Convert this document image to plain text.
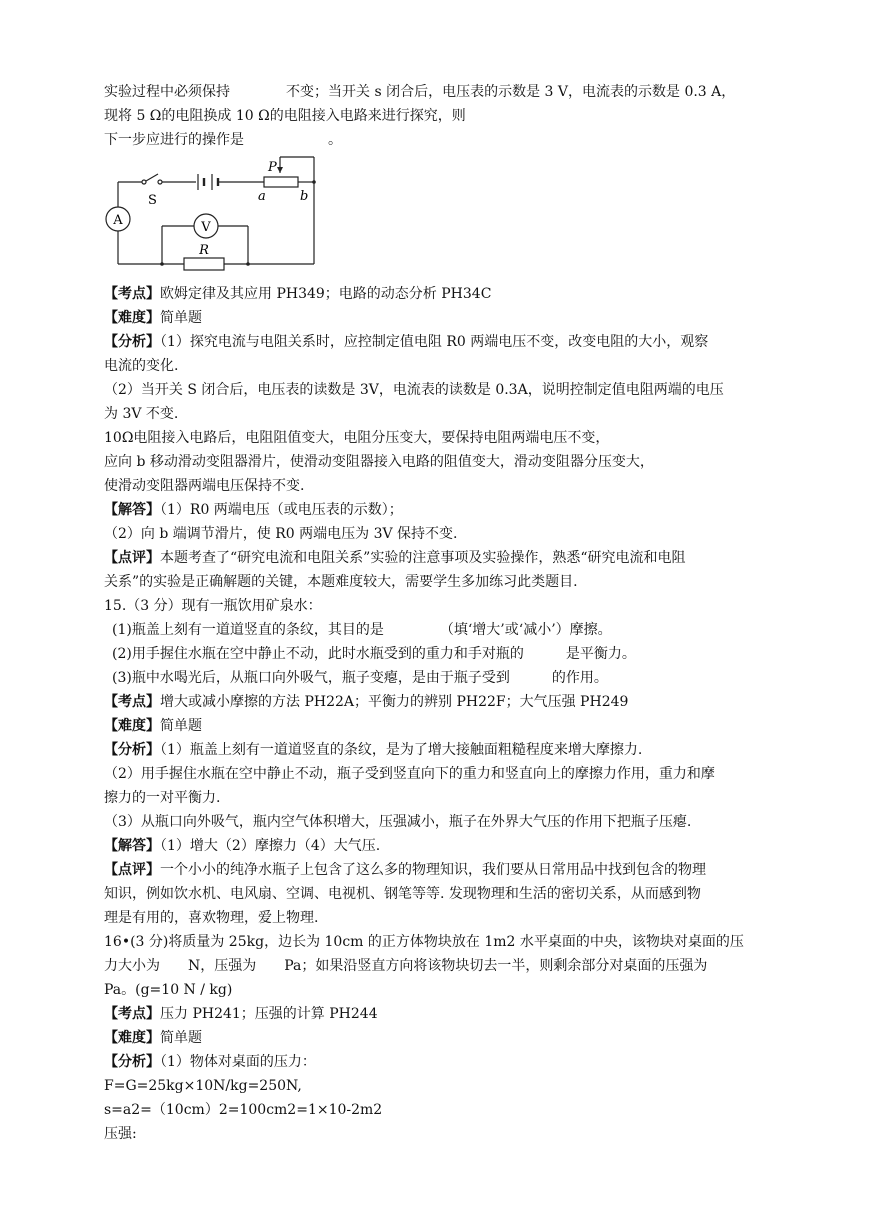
实验过程中必须保持	不变；当开关 s 闭合后，电压表的示数是 3 V，电流表的示数是 0.3 A，
现将 5 Ω的电阻换成 10 Ω的电阻接入电路来进行探究，则
下一步应进行的操作是	。
S
P
a	b
A	V
R
【考点】欧姆定律及其应用 PH349；电路的动态分析 PH34C
【难度】简单题
【分析】（1）探究电流与电阻关系时，应控制定值电阻 R0 两端电压不变，改变电阻的大小，观察
电流的变化.
（2）当开关 S 闭合后，电压表的读数是 3V，电流表的读数是 0.3A，说明控制定值电阻两端的电压
为 3V 不变.
10Ω电阻接入电路后，电阻阻值变大，电阻分压变大，要保持电阻两端电压不变，
应向 b 移动滑动变阻器滑片，使滑动变阻器接入电路的阻值变大，滑动变阻器分压变大，
使滑动变阻器两端电压保持不变.
【解答】（1）R0 两端电压（或电压表的示数）；
（2）向 b 端调节滑片，使 R0 两端电压为 3V 保持不变.
【点评】本题考查了“研究电流和电阻关系”实验的注意事项及实验操作，熟悉“研究电流和电阻
关系”的实验是正确解题的关键，本题难度较大，需要学生多加练习此类题目.
15.（3 分）现有一瓶饮用矿泉水：
(1)瓶盖上刻有一道道竖直的条纹，其目的是	（填‘增大’或‘减小’）摩擦。
(2)用手握住水瓶在空中静止不动，此时水瓶受到的重力和手对瓶的	是平衡力。
(3)瓶中水喝光后，从瓶口向外吸气，瓶子变瘪，是由于瓶子受到	的作用。
【考点】增大或减小摩擦的方法 PH22A；平衡力的辨别 PH22F；大气压强 PH249
【难度】简单题
【分析】（1）瓶盖上刻有一道道竖直的条纹，是为了增大接触面粗糙程度来增大摩擦力.
（2）用手握住水瓶在空中静止不动，瓶子受到竖直向下的重力和竖直向上的摩擦力作用，重力和摩
擦力的一对平衡力.
（3）从瓶口向外吸气，瓶内空气体积增大，压强减小，瓶子在外界大气压的作用下把瓶子压瘪.
【解答】（1）增大（2）摩擦力（4）大气压.
【点评】一个小小的纯净水瓶子上包含了这么多的物理知识，我们要从日常用品中找到包含的物理
知识，例如饮水机、电风扇、空调、电视机、钢笔等等. 发现物理和生活的密切关系，从而感到物
理是有用的，喜欢物理，爱上物理.
16•(3 分)将质量为 25kg，边长为 10cm 的正方体物块放在 1m2 水平桌面的中央，该物块对桌面的压
力大小为 N，压强为 Pa；如果沿竖直方向将该物块切去一半，则剩余部分对桌面的压强为
Pa。(g=10 N / kg)
【考点】压力 PH241；压强的计算 PH244
【难度】简单题
【分析】（1）物体对桌面的压力：
F=G=25kg×10N/kg=250N,
s=a2=（10cm）2=100cm2=1×10-2m2
压强:
